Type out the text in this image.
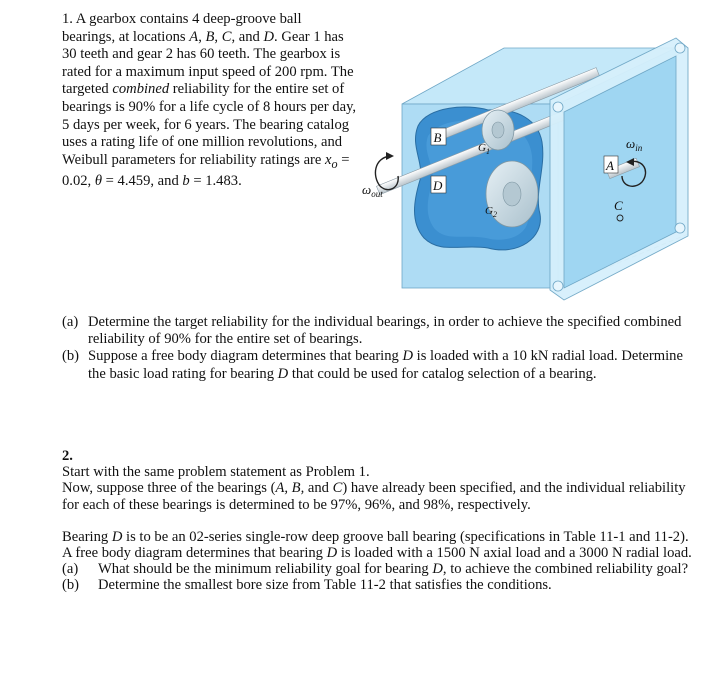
1. A gearbox contains 4 deep-groove ball bearings, at locations A, B, C, and D. Gear 1 has 30 teeth and gear 2 has 60 teeth. The gearbox is rated for a maximum input speed of 200 rpm. The targeted combined reliability for the entire set of bearings is 90% for a life cycle of 8 hours per day, 5 days per week, for 6 years. The bearing catalog uses a rating life of one million revolutions, and Weibull parameters for reliability ratings are $x_o = 0.02$, θ = 4.459, and b = 1.483.

B
D
$G_1$
$G_2$
$\omega_{out}$
A
C
$\omega_{in}$
(a) Determine the target reliability for the individual bearings, in order to achieve the specified combined reliability of 90% for the entire set of bearings.
(b) Suppose a free body diagram determines that bearing D is loaded with a 10 kN radial load. Determine the basic load rating for bearing D that could be used for catalog selection of a bearing.

2.

Start with the same problem statement as Problem 1.

Now, suppose three of the bearings (A, B, and C) have already been specified, and the individual reliability for each of these bearings is determined to be 97%, 96%, and 98%, respectively.

Bearing D is to be an 02-series single-row deep groove ball bearing (specifications in Table 11-1 and 11-2). A free body diagram determines that bearing D is loaded with a 1500 N axial load and a 3000 N radial load.

(a)	What should be the minimum reliability goal for bearing D, to achieve the combined reliability goal?
(b)	Determine the smallest bore size from Table 11-2 that satisfies the conditions.
